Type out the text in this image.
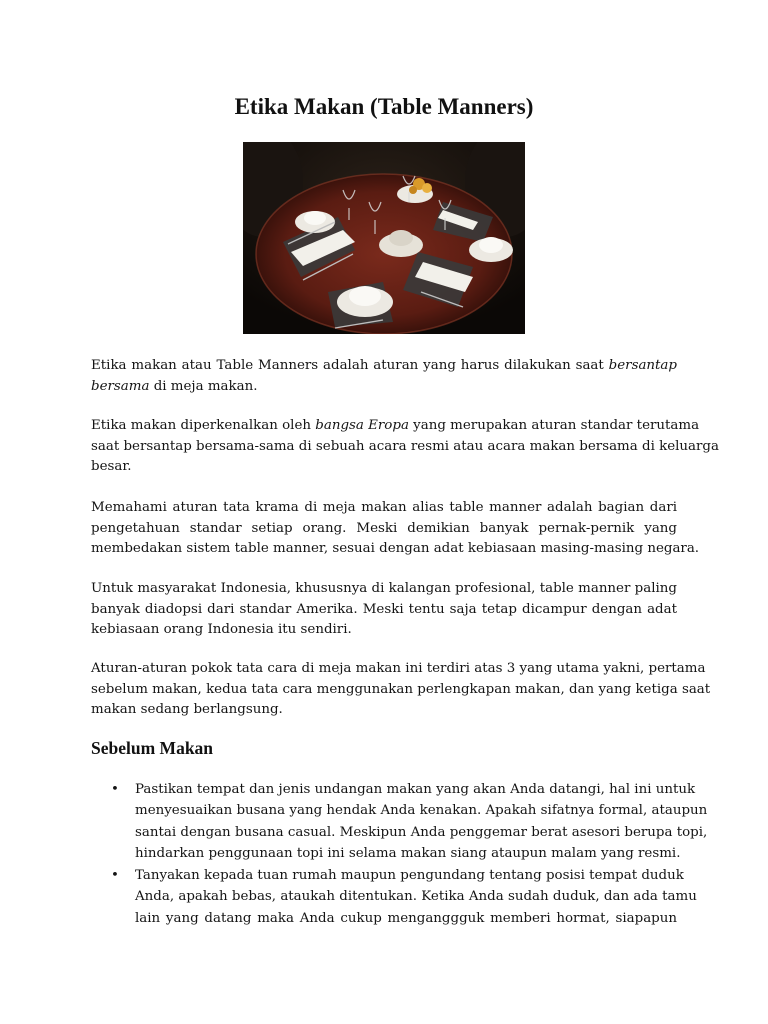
Etika Makan (Table Manners)

Etika makan atau Table Manners adalah aturan yang harus dilakukan saat bersantap
bersama di meja makan.

Etika makan diperkenalkan oleh bangsa Eropa yang merupakan aturan standar terutama
saat bersantap bersama-sama di sebuah acara resmi atau acara makan bersama di keluarga
besar.

Memahami aturan tata krama di meja makan alias table manner adalah bagian dari
pengetahuan standar setiap orang. Meski demikian banyak pernak-pernik yang
membedakan sistem table manner, sesuai dengan adat kebiasaan masing-masing negara.

Untuk masyarakat Indonesia, khususnya di kalangan profesional, table manner paling
banyak diadopsi dari standar Amerika. Meski tentu saja tetap dicampur dengan adat
kebiasaan orang Indonesia itu sendiri.

Aturan-aturan pokok tata cara di meja makan ini terdiri atas 3 yang utama yakni, pertama
sebelum makan, kedua tata cara menggunakan perlengkapan makan, dan yang ketiga saat
makan sedang berlangsung.

Sebelum Makan
• Pastikan tempat dan jenis undangan makan yang akan Anda datangi, hal ini untuk
menyesuaikan busana yang hendak Anda kenakan. Apakah sifatnya formal, ataupun
santai dengan busana casual. Meskipun Anda penggemar berat asesori berupa topi,
hindarkan penggunaan topi ini selama makan siang ataupun malam yang resmi.
• Tanyakan kepada tuan rumah maupun pengundang tentang posisi tempat duduk
Anda, apakah bebas, ataukah ditentukan. Ketika Anda sudah duduk, dan ada tamu
lain yang datang maka Anda cukup menganggguk memberi hormat, siapapun
